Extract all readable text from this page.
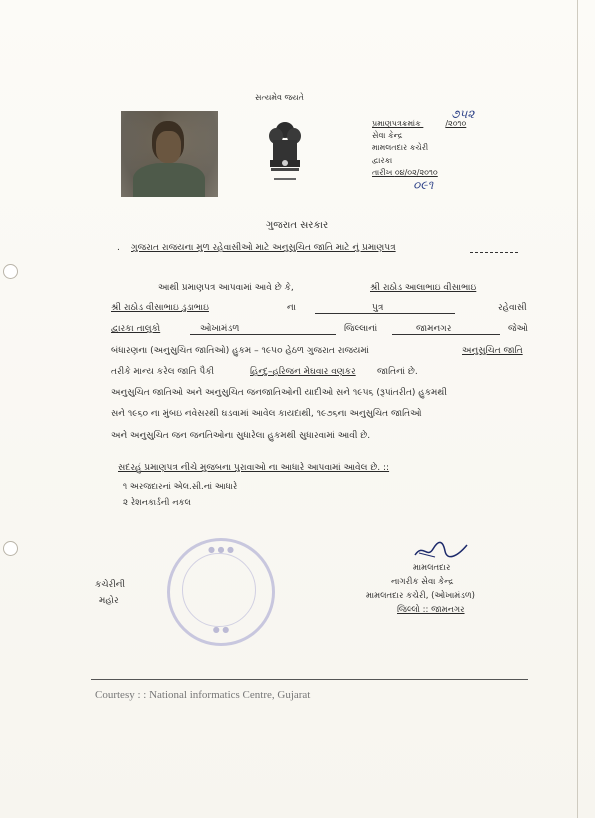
સત્યમેવ જયતે
પ્રમાણપત્રક્રમાંક	/૨૦૧૦
૭૫૨
સેવા કેન્દ્ર
મામલતદાર કચેરી
દ્વારકા
તારીખ ૦૪/૦૨/૨૦૧૦
૦૯૧
ગુજરાત સરકાર
. ગુજરાત રાજયના મુળ રહેવાસીઓ માટે અનુસુચિત જાતિ માટે નું પ્રમાણપત્ર
આથી પ્રમાણપત્ર આપવામાં આવે છે કે,	શ્રી રાઠોડ આલાભાઇ વીસાભાઇ
શ્રી રાઠોડ વીસાભાઇ ડુડાભાઇ	ના	પુત્ર	રહેવાસી
દ્વારકા તાલુકો	ઓખામંડળ	જિલ્લાનાં	જામનગર	જેઓ
બંધારણના (અનુસુચિત જાતિઓ) હુકમ – ૧૯૫૦ હેઠળ ગુજરાત રાજયમાં	અનુસુચિત જાતિ
તરીકે માન્ય કરેલ જાતિ પૈકી	હિન્દુ–હરિજન મેઘવાર વણકર જાતિનાં છે.
અનુસુચિત જાતિઓ અને અનુસુચિત જનજાતિઓની યાદીઓ સને ૧૯૫૬ (રૂપાંતરીત) હુકમથી
સને ૧૯૬૦ ના મુંબઇ નવેસરથી ઘડવામાં આવેલ કાયદાથી, ૧૯૭૬ના અનુસુચિત જાતિઓ
અને અનુસુચિત જન જનતિઓના સુધારેલા હુકમથી સુધારવામાં આવી છે.
સદરહું પ્રમાણપત્ર નીચે મુજબના પુરાવાઓ ના આધારે આપવામાં આવેલ છે. ::
૧ અરજદારનાં એલ.સી.નાં આધારે
૨ રેશનકાર્ડની નકલ
કચેરીની
મહોર
● ● ●
● ●
મામલતદાર
નાગરીક સેવા કેન્દ્ર
મામલતદાર કચેરી, (ઓખામંડળ)
જિલ્લો :: જામનગર
Courtesy : : National informatics Centre, Gujarat
